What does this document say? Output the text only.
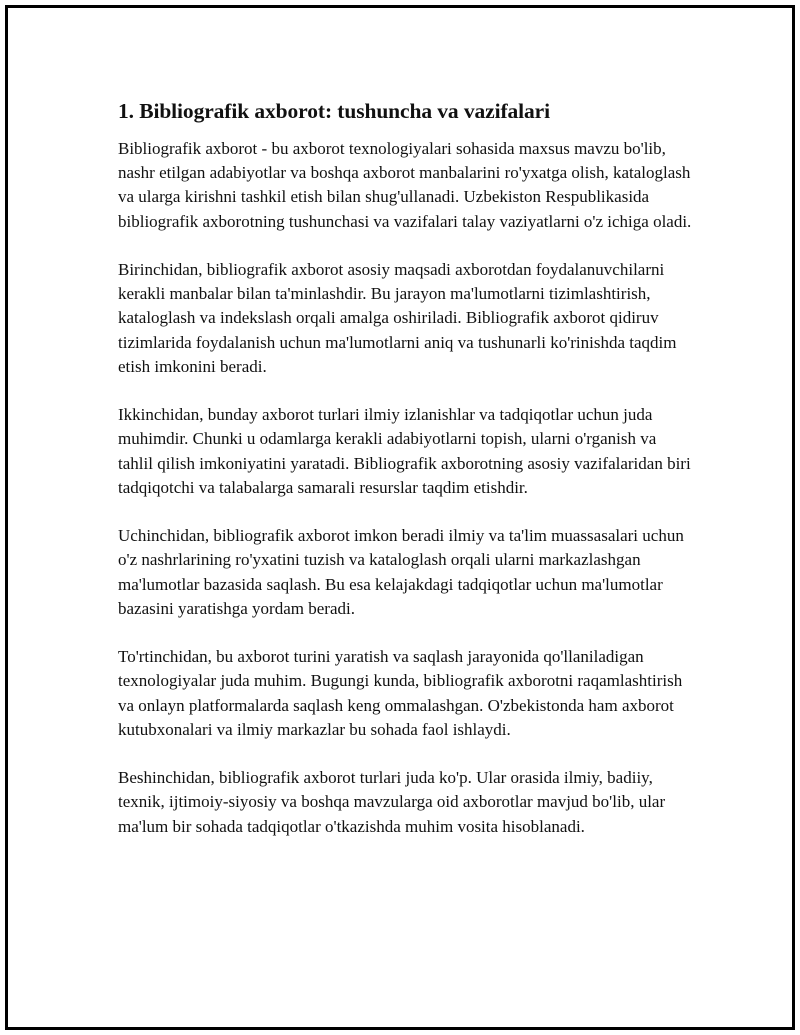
1. Bibliografik axborot: tushuncha va vazifalari

Bibliografik axborot - bu axborot texnologiyalari sohasida maxsus mavzu bo'lib, nashr etilgan adabiyotlar va boshqa axborot manbalarini ro'yxatga olish, kataloglash va ularga kirishni tashkil etish bilan shug'ullanadi. Uzbekiston Respublikasida bibliografik axborotning tushunchasi va vazifalari talay vaziyatlarni o'z ichiga oladi.

Birinchidan, bibliografik axborot asosiy maqsadi axborotdan foydalanuvchilarni kerakli manbalar bilan ta'minlashdir. Bu jarayon ma'lumotlarni tizimlashtirish, kataloglash va indekslash orqali amalga oshiriladi. Bibliografik axborot qidiruv tizimlarida foydalanish uchun ma'lumotlarni aniq va tushunarli ko'rinishda taqdim etish imkonini beradi.

Ikkinchidan, bunday axborot turlari ilmiy izlanishlar va tadqiqotlar uchun juda muhimdir. Chunki u odamlarga kerakli adabiyotlarni topish, ularni o'rganish va tahlil qilish imkoniyatini yaratadi. Bibliografik axborotning asosiy vazifalaridan biri tadqiqotchi va talabalarga samarali resurslar taqdim etishdir.

Uchinchidan, bibliografik axborot imkon beradi ilmiy va ta'lim muassasalari uchun o'z nashrlarining ro'yxatini tuzish va kataloglash orqali ularni markazlashgan ma'lumotlar bazasida saqlash. Bu esa kelajakdagi tadqiqotlar uchun ma'lumotlar bazasini yaratishga yordam beradi.

To'rtinchidan, bu axborot turini yaratish va saqlash jarayonida qo'llaniladigan texnologiyalar juda muhim. Bugungi kunda, bibliografik axborotni raqamlashtirish va onlayn platformalarda saqlash keng ommalashgan. O'zbekistonda ham axborot kutubxonalari va ilmiy markazlar bu sohada faol ishlaydi.

Beshinchidan, bibliografik axborot turlari juda ko'p. Ular orasida ilmiy, badiiy, texnik, ijtimoiy-siyosiy va boshqa mavzularga oid axborotlar mavjud bo'lib, ular ma'lum bir sohada tadqiqotlar o'tkazishda muhim vosita hisoblanadi.
